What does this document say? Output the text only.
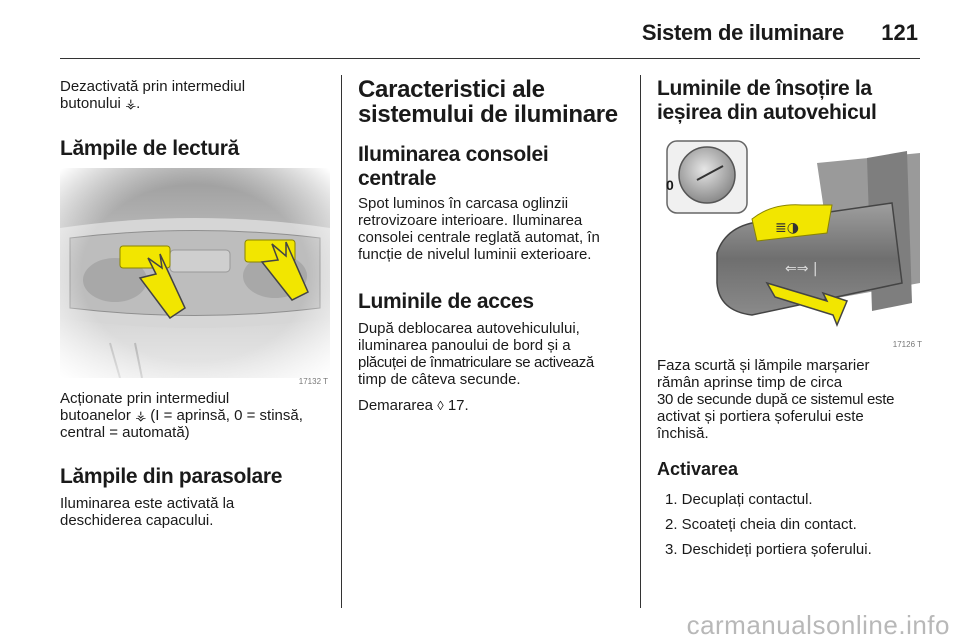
Sistem de iluminare 121

Dezactivată prin intermediul
butonului ⚶.

Lămpile de lectură
17132 T

Acționate prin intermediul
butoanelor ⚶ (I = aprinsă, 0 = stinsă,
central = automată)

Lămpile din parasolare

Iluminarea este activată la
deschiderea capacului.

Caracteristici ale
sistemului de iluminare
Iluminarea consolei
centrale

Spot luminos în carcasa oglinzii
retrovizoare interioare. Iluminarea
consolei centrale reglată automat, în
funcție de nivelul luminii exterioare.

Luminile de acces

După deblocarea autovehiculului,
iluminarea panoului de bord și a
plăcuței de înmatriculare se activează
timp de câteva secunde.

Demararea ◊ 17.

Luminile de însoțire la
ieșirea din autovehicul
≣◑
⇐⇒ |
17126 T
0

Faza scurtă și lămpile marșarier
rămân aprinse timp de circa
30 de secunde după ce sistemul este
activat și portiera șoferului este
închisă.

Activarea
1. Decuplați contactul.
2. Scoateți cheia din contact.
3. Deschideți portiera șoferului.
carmanualsonline.info
